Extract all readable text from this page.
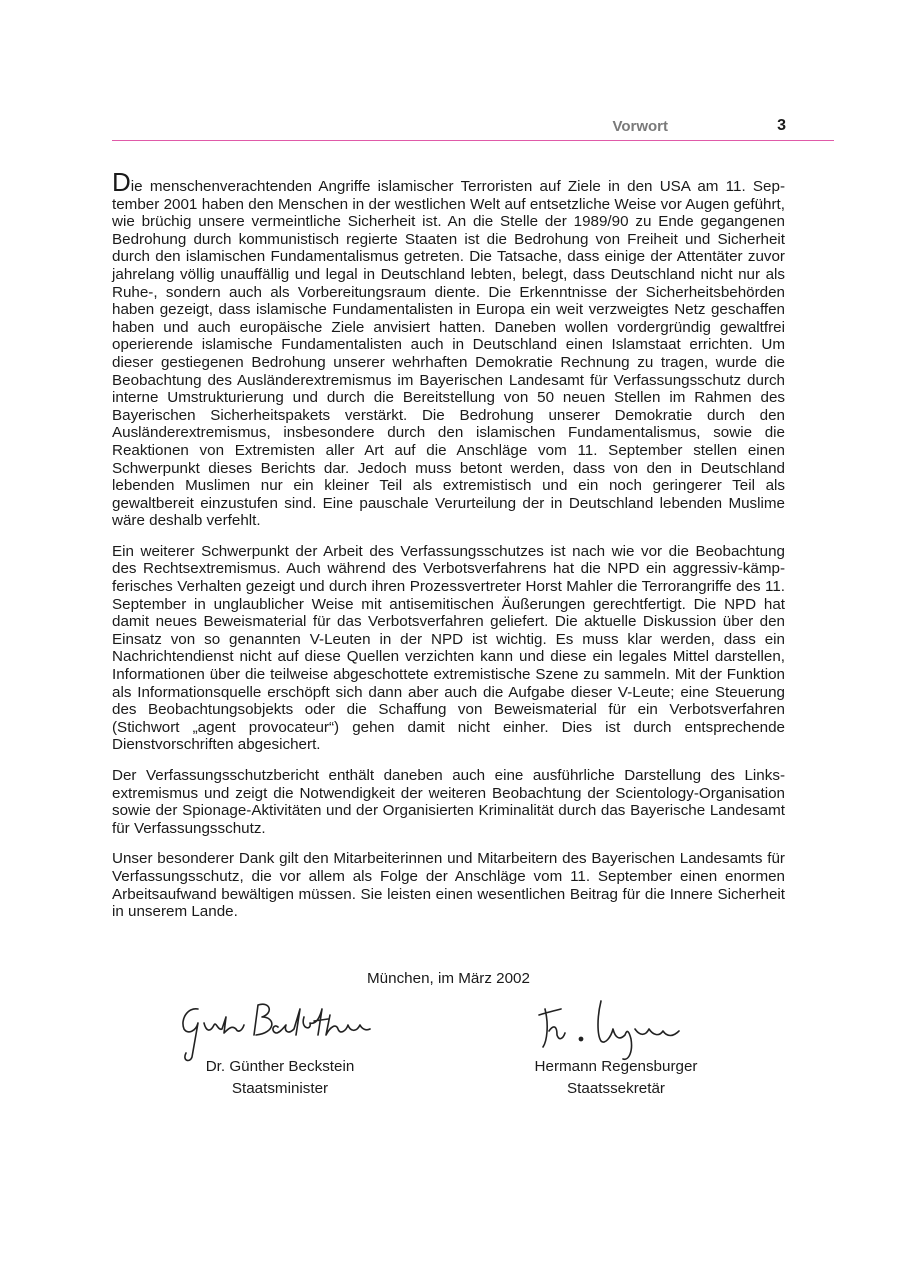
Vorwort	3

Die menschenverachtenden Angriffe islamischer Terroristen auf Ziele in den USA am 11. September 2001 haben den Menschen in der westlichen Welt auf entsetzliche Weise vor Augen geführt, wie brüchig unsere vermeintliche Sicherheit ist. An die Stelle der 1989/90 zu Ende gegangenen Bedrohung durch kommunistisch regierte Staaten ist die Bedrohung von Freiheit und Sicherheit durch den islamischen Fundamentalismus getreten. Die Tatsache, dass einige der Attentäter zuvor jahrelang völlig unauffällig und legal in Deutschland lebten, belegt, dass Deutschland nicht nur als Ruhe-, sondern auch als Vorbereitungsraum diente. Die Erkenntnisse der Sicherheitsbehörden haben gezeigt, dass islamische Fundamentalisten in Europa ein weit verzweigtes Netz geschaffen haben und auch europäische Ziele anvisiert hatten. Daneben wollen vordergründig gewaltfrei operierende islamische Fundamentalisten auch in Deutschland einen Islamstaat errichten. Um dieser gestiegenen Bedrohung unserer wehrhaften Demokratie Rechnung zu tragen, wurde die Beobachtung des Ausländerextremismus im Bayerischen Landesamt für Verfassungsschutz durch interne Umstrukturierung und durch die Bereitstellung von 50 neuen Stellen im Rahmen des Bayerischen Sicherheitspakets verstärkt. Die Bedrohung unserer Demokratie durch den Ausländerextremismus, insbesondere durch den islamischen Fundamentalismus, sowie die Reaktionen von Extremisten aller Art auf die Anschläge vom 11. September stellen einen Schwerpunkt dieses Berichts dar. Jedoch muss betont werden, dass von den in Deutschland lebenden Muslimen nur ein kleiner Teil als extremistisch und ein noch geringerer Teil als gewaltbereit einzustufen sind. Eine pauschale Verurteilung der in Deutschland lebenden Muslime wäre deshalb verfehlt.

Ein weiterer Schwerpunkt der Arbeit des Verfassungsschutzes ist nach wie vor die Beobachtung des Rechtsextremismus. Auch während des Verbotsverfahrens hat die NPD ein aggressiv-kämpferisches Verhalten gezeigt und durch ihren Prozessvertreter Horst Mahler die Terrorangriffe des 11. September in unglaublicher Weise mit antisemitischen Äußerungen gerechtfertigt. Die NPD hat damit neues Beweismaterial für das Verbotsverfahren geliefert. Die aktuelle Diskussion über den Einsatz von so genannten V-Leuten in der NPD ist wichtig. Es muss klar werden, dass ein Nachrichtendienst nicht auf diese Quellen verzichten kann und diese ein legales Mittel darstellen, Informationen über die teilweise abgeschottete extremistische Szene zu sammeln. Mit der Funktion als Informationsquelle erschöpft sich dann aber auch die Aufgabe dieser V-Leute; eine Steuerung des Beobachtungsobjekts oder die Schaffung von Beweismaterial für ein Verbotsverfahren (Stichwort „agent provocateur“) gehen damit nicht einher. Dies ist durch entsprechende Dienstvorschriften abgesichert.

Der Verfassungsschutzbericht enthält daneben auch eine ausführliche Darstellung des Linksextremismus und zeigt die Notwendigkeit der weiteren Beobachtung der Scientology-Organisation sowie der Spionage-Aktivitäten und der Organisierten Kriminalität durch das Bayerische Landesamt für Verfassungsschutz.

Unser besonderer Dank gilt den Mitarbeiterinnen und Mitarbeitern des Bayerischen Landesamts für Verfassungsschutz, die vor allem als Folge der Anschläge vom 11. September einen enormen Arbeitsaufwand bewältigen müssen. Sie leisten einen wesentlichen Beitrag für die Innere Sicherheit in unserem Lande.

München, im März 2002
Dr. Günther Beckstein
Staatsminister
Hermann Regensburger
Staatssekretär
